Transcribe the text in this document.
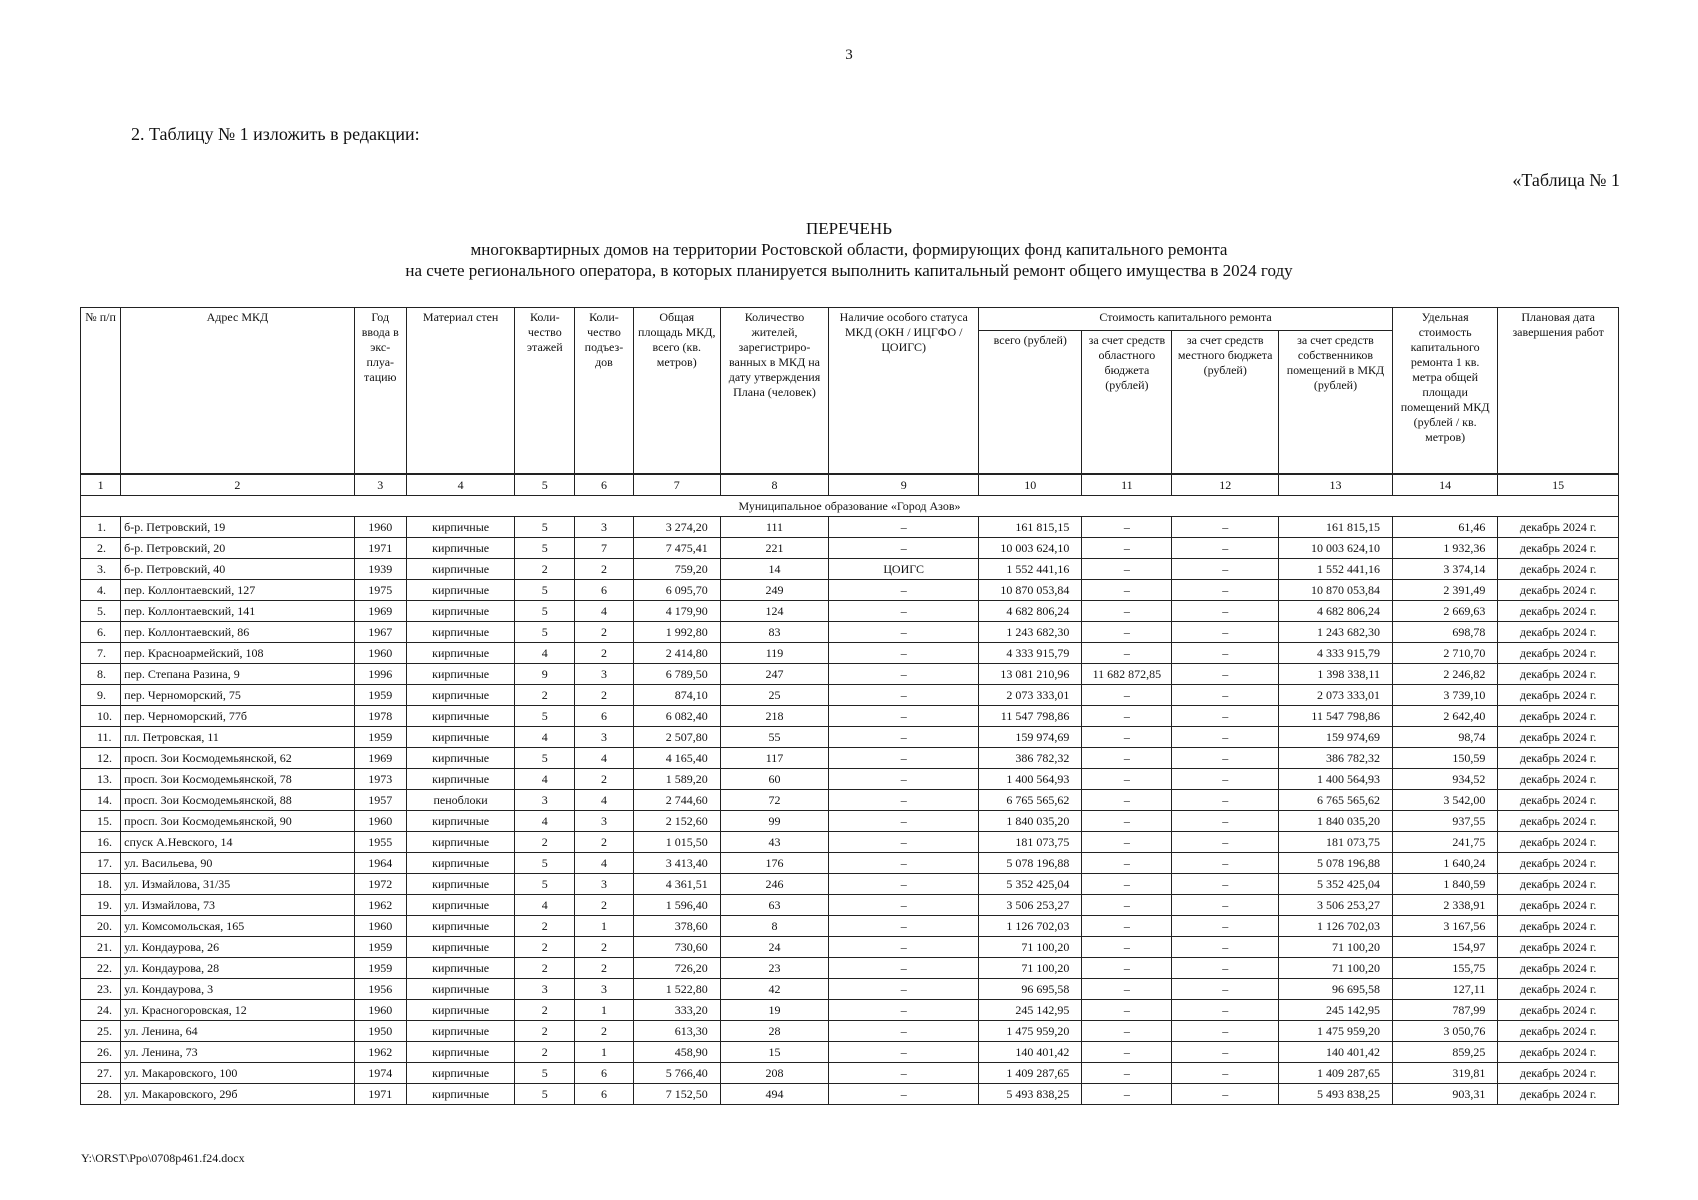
3
2. Таблицу № 1 изложить в редакции:
«Таблица № 1
ПЕРЕЧЕНЬ
многоквартирных домов на территории Ростовской области, формирующих фонд капитального ремонта
на счете регионального оператора, в которых планируется выполнить капитальный ремонт общего имущества в 2024 году
№ п/п	Адрес МКД	Год ввода в экс-плуа-тацию	Материал стен	Коли-чество этажей	Коли-чество подъез-дов	Общая площадь МКД, всего (кв. метров)	Количество жителей, зарегистриро-ванных в МКД на дату утверждения Плана (человек)	Наличие особого статуса МКД (ОКН / ИЦГФО / ЦОИГС)	Стоимость капитального ремонта				Удельная стоимость капитального ремонта 1 кв. метра общей площади помещений МКД (рублей / кв. метров)	Плановая дата завершения работ
									всего (рублей)	за счет средств областного бюджета (рублей)	за счет средств местного бюджета (рублей)	за счет средств собственников помещений в МКД (рублей)		
1	2	3	4	5	6	7	8	9	10	11	12	13	14	15
Муниципальное образование «Город Азов»														
1.	б-р. Петровский, 19	1960	кирпичные	5	3	3 274,20	111	–	161 815,15	–	–	161 815,15	61,46	декабрь 2024 г.
2.	б-р. Петровский, 20	1971	кирпичные	5	7	7 475,41	221	–	10 003 624,10	–	–	10 003 624,10	1 932,36	декабрь 2024 г.
3.	б-р. Петровский, 40	1939	кирпичные	2	2	759,20	14	ЦОИГС	1 552 441,16	–	–	1 552 441,16	3 374,14	декабрь 2024 г.
4.	пер. Коллонтаевский, 127	1975	кирпичные	5	6	6 095,70	249	–	10 870 053,84	–	–	10 870 053,84	2 391,49	декабрь 2024 г.
5.	пер. Коллонтаевский, 141	1969	кирпичные	5	4	4 179,90	124	–	4 682 806,24	–	–	4 682 806,24	2 669,63	декабрь 2024 г.
6.	пер. Коллонтаевский, 86	1967	кирпичные	5	2	1 992,80	83	–	1 243 682,30	–	–	1 243 682,30	698,78	декабрь 2024 г.
7.	пер. Красноармейский, 108	1960	кирпичные	4	2	2 414,80	119	–	4 333 915,79	–	–	4 333 915,79	2 710,70	декабрь 2024 г.
8.	пер. Степана Разина, 9	1996	кирпичные	9	3	6 789,50	247	–	13 081 210,96	11 682 872,85	–	1 398 338,11	2 246,82	декабрь 2024 г.
9.	пер. Черноморский, 75	1959	кирпичные	2	2	874,10	25	–	2 073 333,01	–	–	2 073 333,01	3 739,10	декабрь 2024 г.
10.	пер. Черноморский, 77б	1978	кирпичные	5	6	6 082,40	218	–	11 547 798,86	–	–	11 547 798,86	2 642,40	декабрь 2024 г.
11.	пл. Петровская, 11	1959	кирпичные	4	3	2 507,80	55	–	159 974,69	–	–	159 974,69	98,74	декабрь 2024 г.
12.	просп. Зои Космодемьянской, 62	1969	кирпичные	5	4	4 165,40	117	–	386 782,32	–	–	386 782,32	150,59	декабрь 2024 г.
13.	просп. Зои Космодемьянской, 78	1973	кирпичные	4	2	1 589,20	60	–	1 400 564,93	–	–	1 400 564,93	934,52	декабрь 2024 г.
14.	просп. Зои Космодемьянской, 88	1957	пеноблоки	3	4	2 744,60	72	–	6 765 565,62	–	–	6 765 565,62	3 542,00	декабрь 2024 г.
15.	просп. Зои Космодемьянской, 90	1960	кирпичные	4	3	2 152,60	99	–	1 840 035,20	–	–	1 840 035,20	937,55	декабрь 2024 г.
16.	спуск А.Невского, 14	1955	кирпичные	2	2	1 015,50	43	–	181 073,75	–	–	181 073,75	241,75	декабрь 2024 г.
17.	ул. Васильева, 90	1964	кирпичные	5	4	3 413,40	176	–	5 078 196,88	–	–	5 078 196,88	1 640,24	декабрь 2024 г.
18.	ул. Измайлова, 31/35	1972	кирпичные	5	3	4 361,51	246	–	5 352 425,04	–	–	5 352 425,04	1 840,59	декабрь 2024 г.
19.	ул. Измайлова, 73	1962	кирпичные	4	2	1 596,40	63	–	3 506 253,27	–	–	3 506 253,27	2 338,91	декабрь 2024 г.
20.	ул. Комсомольская, 165	1960	кирпичные	2	1	378,60	8	–	1 126 702,03	–	–	1 126 702,03	3 167,56	декабрь 2024 г.
21.	ул. Кондаурова, 26	1959	кирпичные	2	2	730,60	24	–	71 100,20	–	–	71 100,20	154,97	декабрь 2024 г.
22.	ул. Кондаурова, 28	1959	кирпичные	2	2	726,20	23	–	71 100,20	–	–	71 100,20	155,75	декабрь 2024 г.
23.	ул. Кондаурова, 3	1956	кирпичные	3	3	1 522,80	42	–	96 695,58	–	–	96 695,58	127,11	декабрь 2024 г.
24.	ул. Красногоровская, 12	1960	кирпичные	2	1	333,20	19	–	245 142,95	–	–	245 142,95	787,99	декабрь 2024 г.
25.	ул. Ленина, 64	1950	кирпичные	2	2	613,30	28	–	1 475 959,20	–	–	1 475 959,20	3 050,76	декабрь 2024 г.
26.	ул. Ленина, 73	1962	кирпичные	2	1	458,90	15	–	140 401,42	–	–	140 401,42	859,25	декабрь 2024 г.
27.	ул. Макаровского, 100	1974	кирпичные	5	6	5 766,40	208	–	1 409 287,65	–	–	1 409 287,65	319,81	декабрь 2024 г.
28.	ул. Макаровского, 29б	1971	кирпичные	5	6	7 152,50	494	–	5 493 838,25	–	–	5 493 838,25	903,31	декабрь 2024 г.
Y:\ORST\Ppo\0708p461.f24.docx
